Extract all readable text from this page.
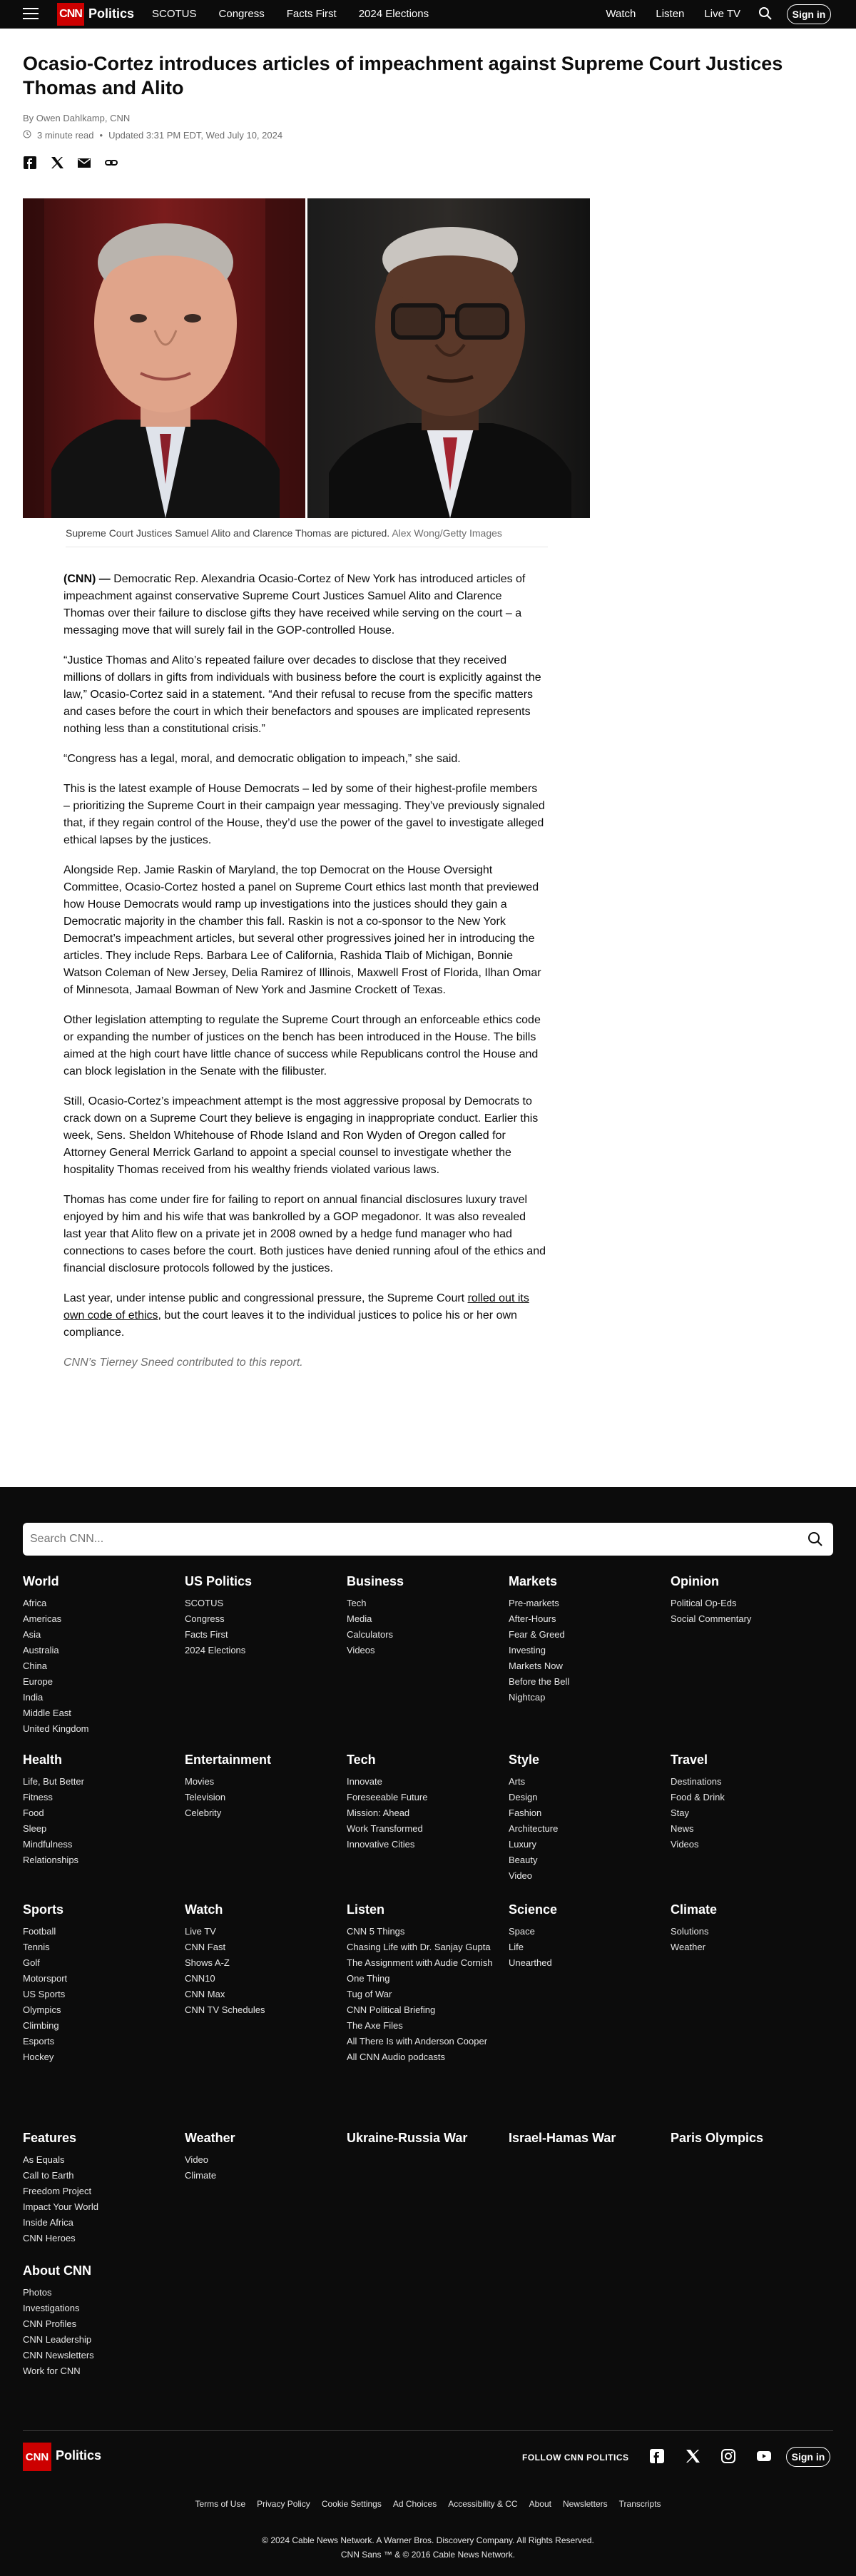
CNN Politics SCOTUS Congress Facts First 2024 Elections	Watch Listen Live TV	Sign in
Ocasio-Cortez introduces articles of impeachment against Supreme Court Justices Thomas and Alito
By Owen Dahlkamp, CNN
3 minute read • Updated 3:31 PM EDT, Wed July 10, 2024
Supreme Court Justices Samuel Alito and Clarence Thomas are pictured. Alex Wong/Getty Images

(CNN) — Democratic Rep. Alexandria Ocasio-Cortez of New York has introduced articles of impeachment against conservative Supreme Court Justices Samuel Alito and Clarence Thomas over their failure to disclose gifts they have received while serving on the court – a messaging move that will surely fail in the GOP-controlled House.

“Justice Thomas and Alito’s repeated failure over decades to disclose that they received millions of dollars in gifts from individuals with business before the court is explicitly against the law,” Ocasio-Cortez said in a statement. “And their refusal to recuse from the specific matters and cases before the court in which their benefactors and spouses are implicated represents nothing less than a constitutional crisis.”

“Congress has a legal, moral, and democratic obligation to impeach,” she said.

This is the latest example of House Democrats – led by some of their highest-profile members – prioritizing the Supreme Court in their campaign year messaging. They’ve previously signaled that, if they regain control of the House, they’d use the power of the gavel to investigate alleged ethical lapses by the justices.

Alongside Rep. Jamie Raskin of Maryland, the top Democrat on the House Oversight Committee, Ocasio-Cortez hosted a panel on Supreme Court ethics last month that previewed how House Democrats would ramp up investigations into the justices should they gain a Democratic majority in the chamber this fall. Raskin is not a co-sponsor to the New York Democrat’s impeachment articles, but several other progressives joined her in introducing the articles. They include Reps. Barbara Lee of California, Rashida Tlaib of Michigan, Bonnie Watson Coleman of New Jersey, Delia Ramirez of Illinois, Maxwell Frost of Florida, Ilhan Omar of Minnesota, Jamaal Bowman of New York and Jasmine Crockett of Texas.

Other legislation attempting to regulate the Supreme Court through an enforceable ethics code or expanding the number of justices on the bench has been introduced in the House. The bills aimed at the high court have little chance of success while Republicans control the House and can block legislation in the Senate with the filibuster.

Still, Ocasio-Cortez’s impeachment attempt is the most aggressive proposal by Democrats to crack down on a Supreme Court they believe is engaging in inappropriate conduct. Earlier this week, Sens. Sheldon Whitehouse of Rhode Island and Ron Wyden of Oregon called for Attorney General Merrick Garland to appoint a special counsel to investigate whether the hospitality Thomas received from his wealthy friends violated various laws.

Thomas has come under fire for failing to report on annual financial disclosures luxury travel enjoyed by him and his wife that was bankrolled by a GOP megadonor. It was also revealed last year that Alito flew on a private jet in 2008 owned by a hedge fund manager who had connections to cases before the court. Both justices have denied running afoul of the ethics and financial disclosure protocols followed by the justices.

Last year, under intense public and congressional pressure, the Supreme Court rolled out its own code of ethics, but the court leaves it to the individual justices to police his or her own compliance.

CNN’s Tierney Sneed contributed to this report.

Search CNN...
World
Africa
Americas
Asia
Australia
China
Europe
India
Middle East
United Kingdom
US Politics
SCOTUS
Congress
Facts First
2024 Elections
Business
Tech
Media
Calculators
Videos
Markets
Pre-markets
After-Hours
Fear & Greed
Investing
Markets Now
Before the Bell
Nightcap
Opinion
Political Op-Eds
Social Commentary
Health
Life, But Better
Fitness
Food
Sleep
Mindfulness
Relationships
Entertainment
Movies
Television
Celebrity
Tech
Innovate
Foreseeable Future
Mission: Ahead
Work Transformed
Innovative Cities
Style
Arts
Design
Fashion
Architecture
Luxury
Beauty
Video
Travel
Destinations
Food & Drink
Stay
News
Videos
Sports
Football
Tennis
Golf
Motorsport
US Sports
Olympics
Climbing
Esports
Hockey
Watch
Live TV
CNN Fast
Shows A-Z
CNN10
CNN Max
CNN TV Schedules
Listen
CNN 5 Things
Chasing Life with Dr. Sanjay Gupta
The Assignment with Audie Cornish
One Thing
Tug of War
CNN Political Briefing
The Axe Files
All There Is with Anderson Cooper
All CNN Audio podcasts
Science
Space
Life
Unearthed
Climate
Solutions
Weather
Features
As Equals
Call to Earth
Freedom Project
Impact Your World
Inside Africa
CNN Heroes
Weather
Video
Climate
Ukraine-Russia War	Israel-Hamas War	Paris Olympics
About CNN
Photos
Investigations
CNN Profiles
CNN Leadership
CNN Newsletters
Work for CNN
CNN Politics	FOLLOW CNN POLITICS	Sign in
Terms of Use Privacy Policy Cookie Settings Ad Choices Accessibility & CC About Newsletters Transcripts
© 2024 Cable News Network. A Warner Bros. Discovery Company. All Rights Reserved.
CNN Sans ™ & © 2016 Cable News Network.
